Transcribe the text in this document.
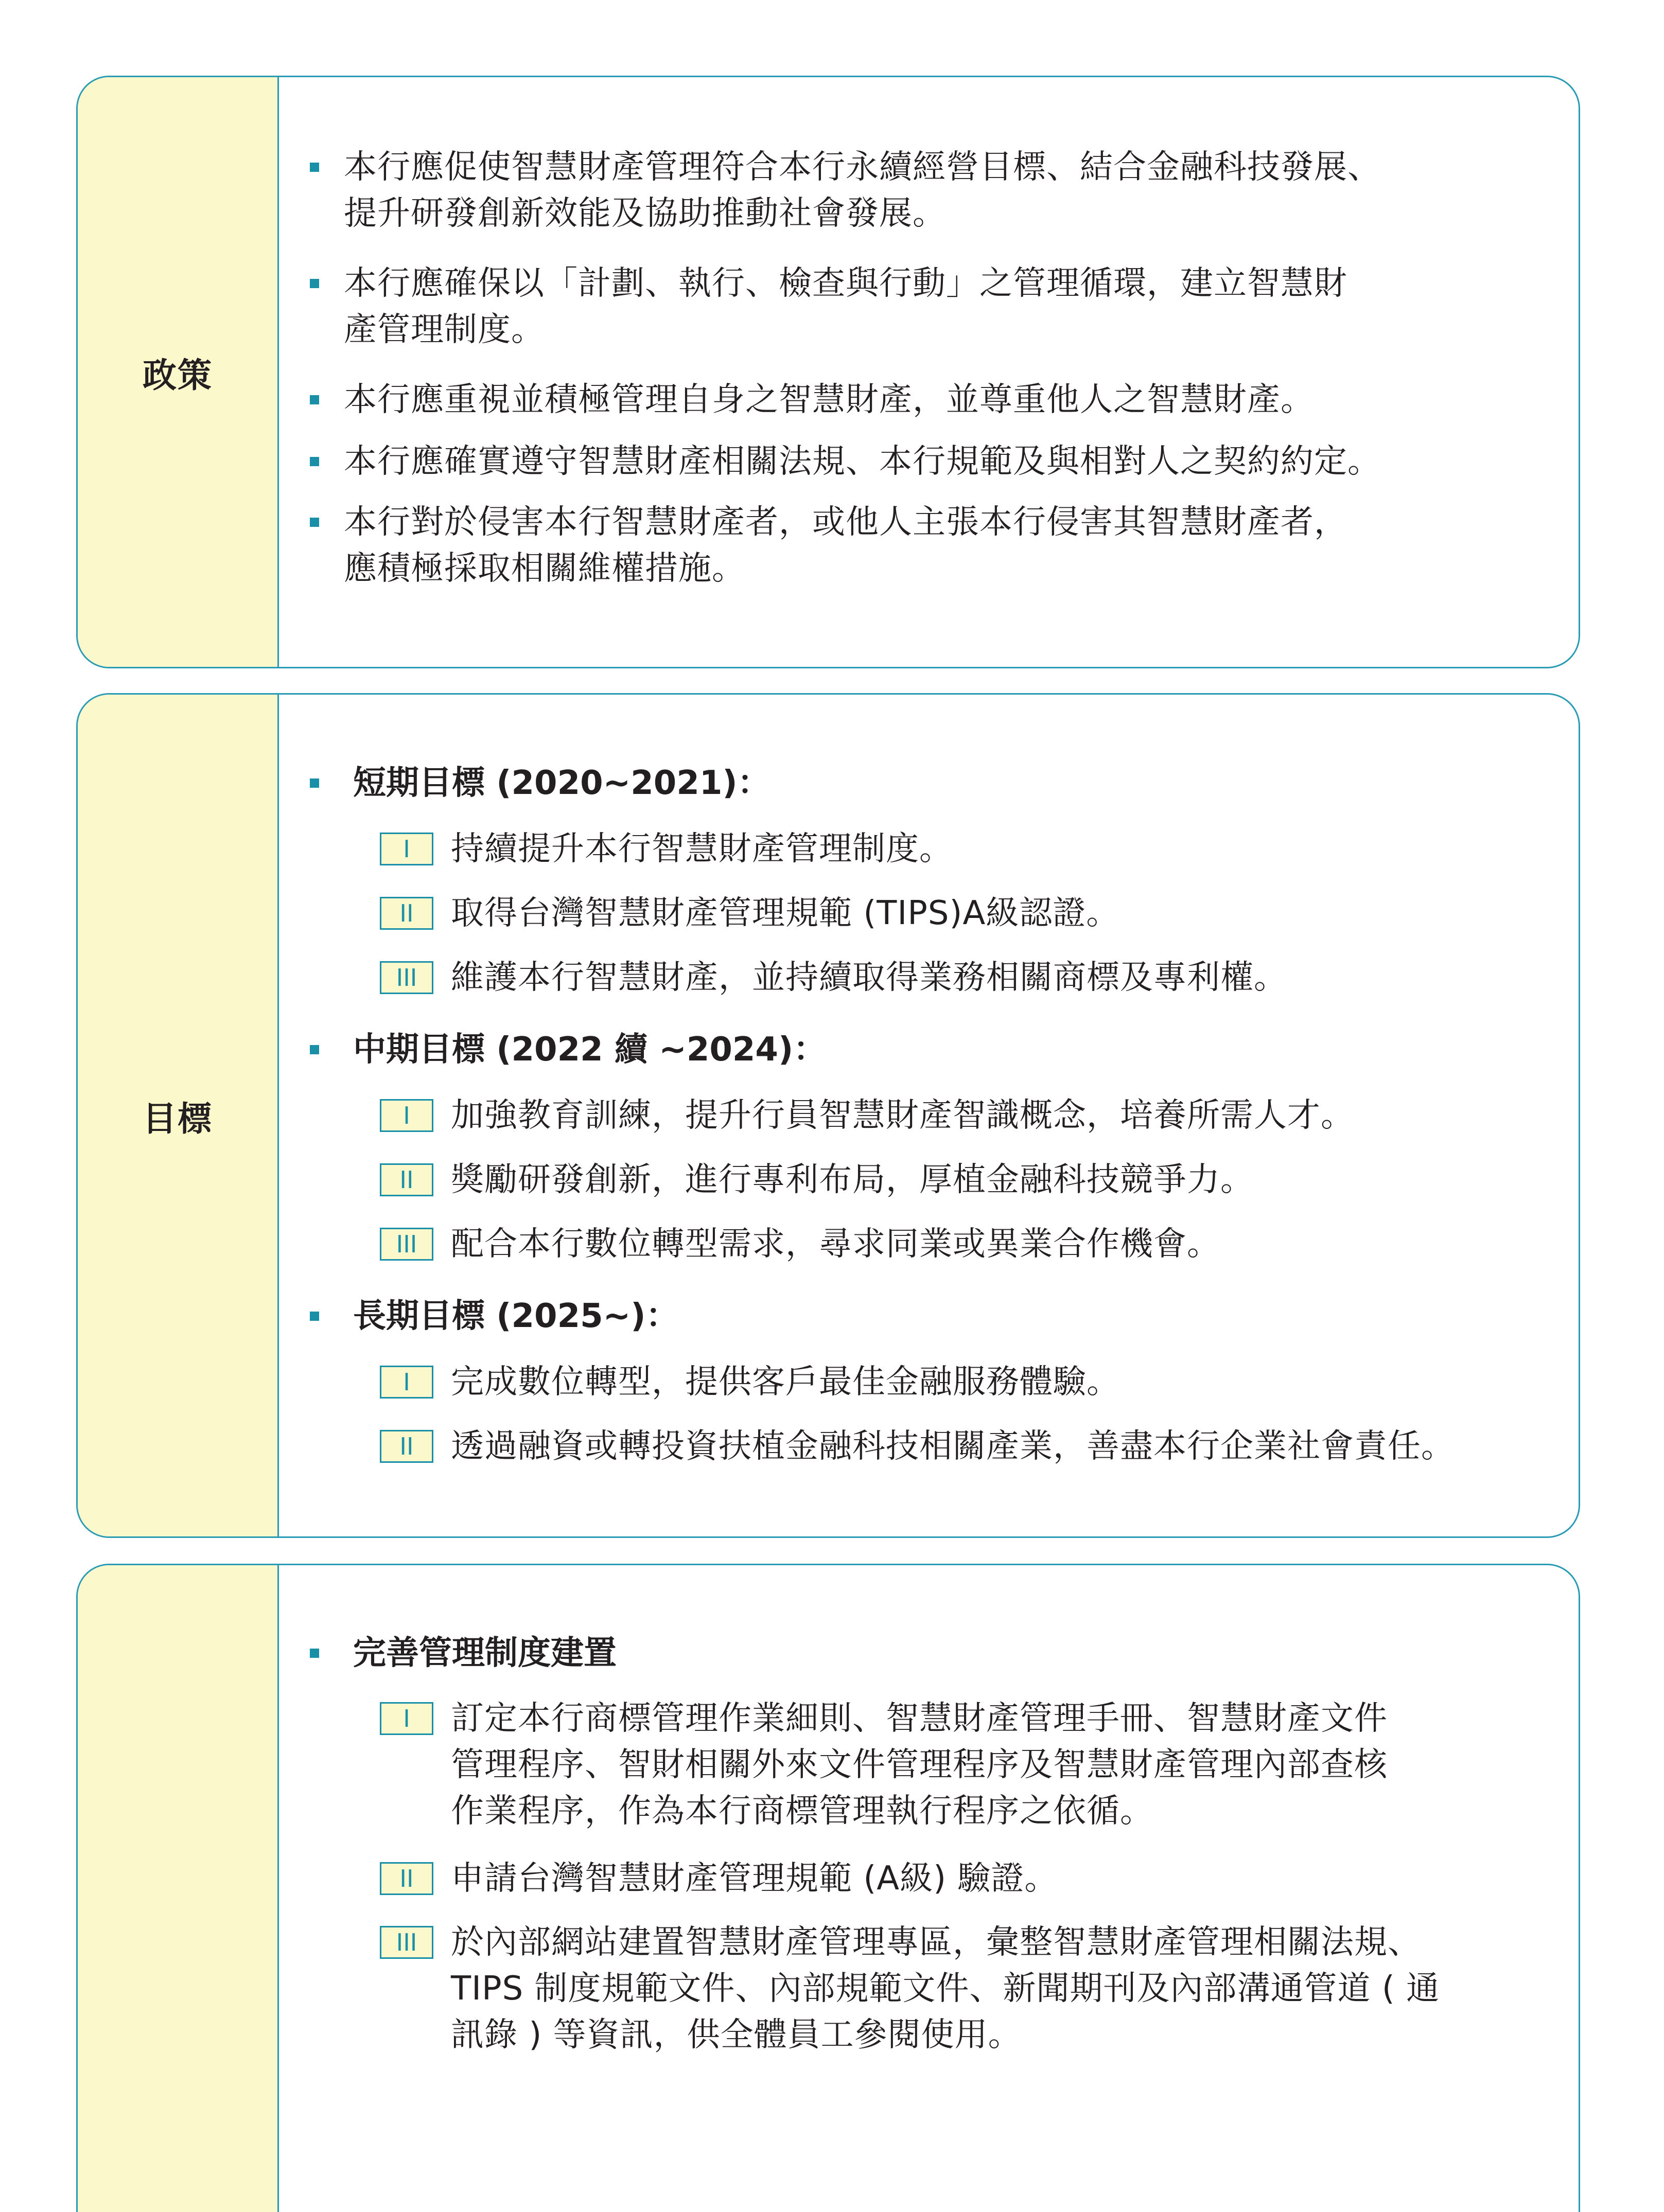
政策
本行應促使智慧財產管理符合本行永續經營目標、結合金融科技發展、
提升研發創新效能及協助推動社會發展。
本行應確保以「計劃、執行、檢查與行動」之管理循環，建立智慧財
產管理制度。
本行應重視並積極管理自身之智慧財產，並尊重他人之智慧財產。
本行應確實遵守智慧財產相關法規、本行規範及與相對人之契約約定。
本行對於侵害本行智慧財產者，或他人主張本行侵害其智慧財產者，
應積極採取相關維權措施。
目標
短期目標 (2020~2021)：
I	持續提升本行智慧財產管理制度。
II	取得台灣智慧財產管理規範 (TIPS)A級認證。
III	維護本行智慧財產，並持續取得業務相關商標及專利權。
中期目標 (2022 續 ~2024)：
I	加強教育訓練，提升行員智慧財產智識概念，培養所需人才。
II	獎勵研發創新，進行專利布局，厚植金融科技競爭力。
III	配合本行數位轉型需求，尋求同業或異業合作機會。
長期目標 (2025~)：
I	完成數位轉型，提供客戶最佳金融服務體驗。
II	透過融資或轉投資扶植金融科技相關產業，善盡本行企業社會責任。
完善管理制度建置
I	訂定本行商標管理作業細則、智慧財產管理手冊、智慧財產文件
管理程序、智財相關外來文件管理程序及智慧財產管理內部查核
作業程序，作為本行商標管理執行程序之依循。
II	申請台灣智慧財產管理規範 (A級) 驗證。
III	於內部網站建置智慧財產管理專區，彙整智慧財產管理相關法規、
TIPS 制度規範文件、內部規範文件、新聞期刊及內部溝通管道 ( 通
訊錄 ) 等資訊，供全體員工參閱使用。
